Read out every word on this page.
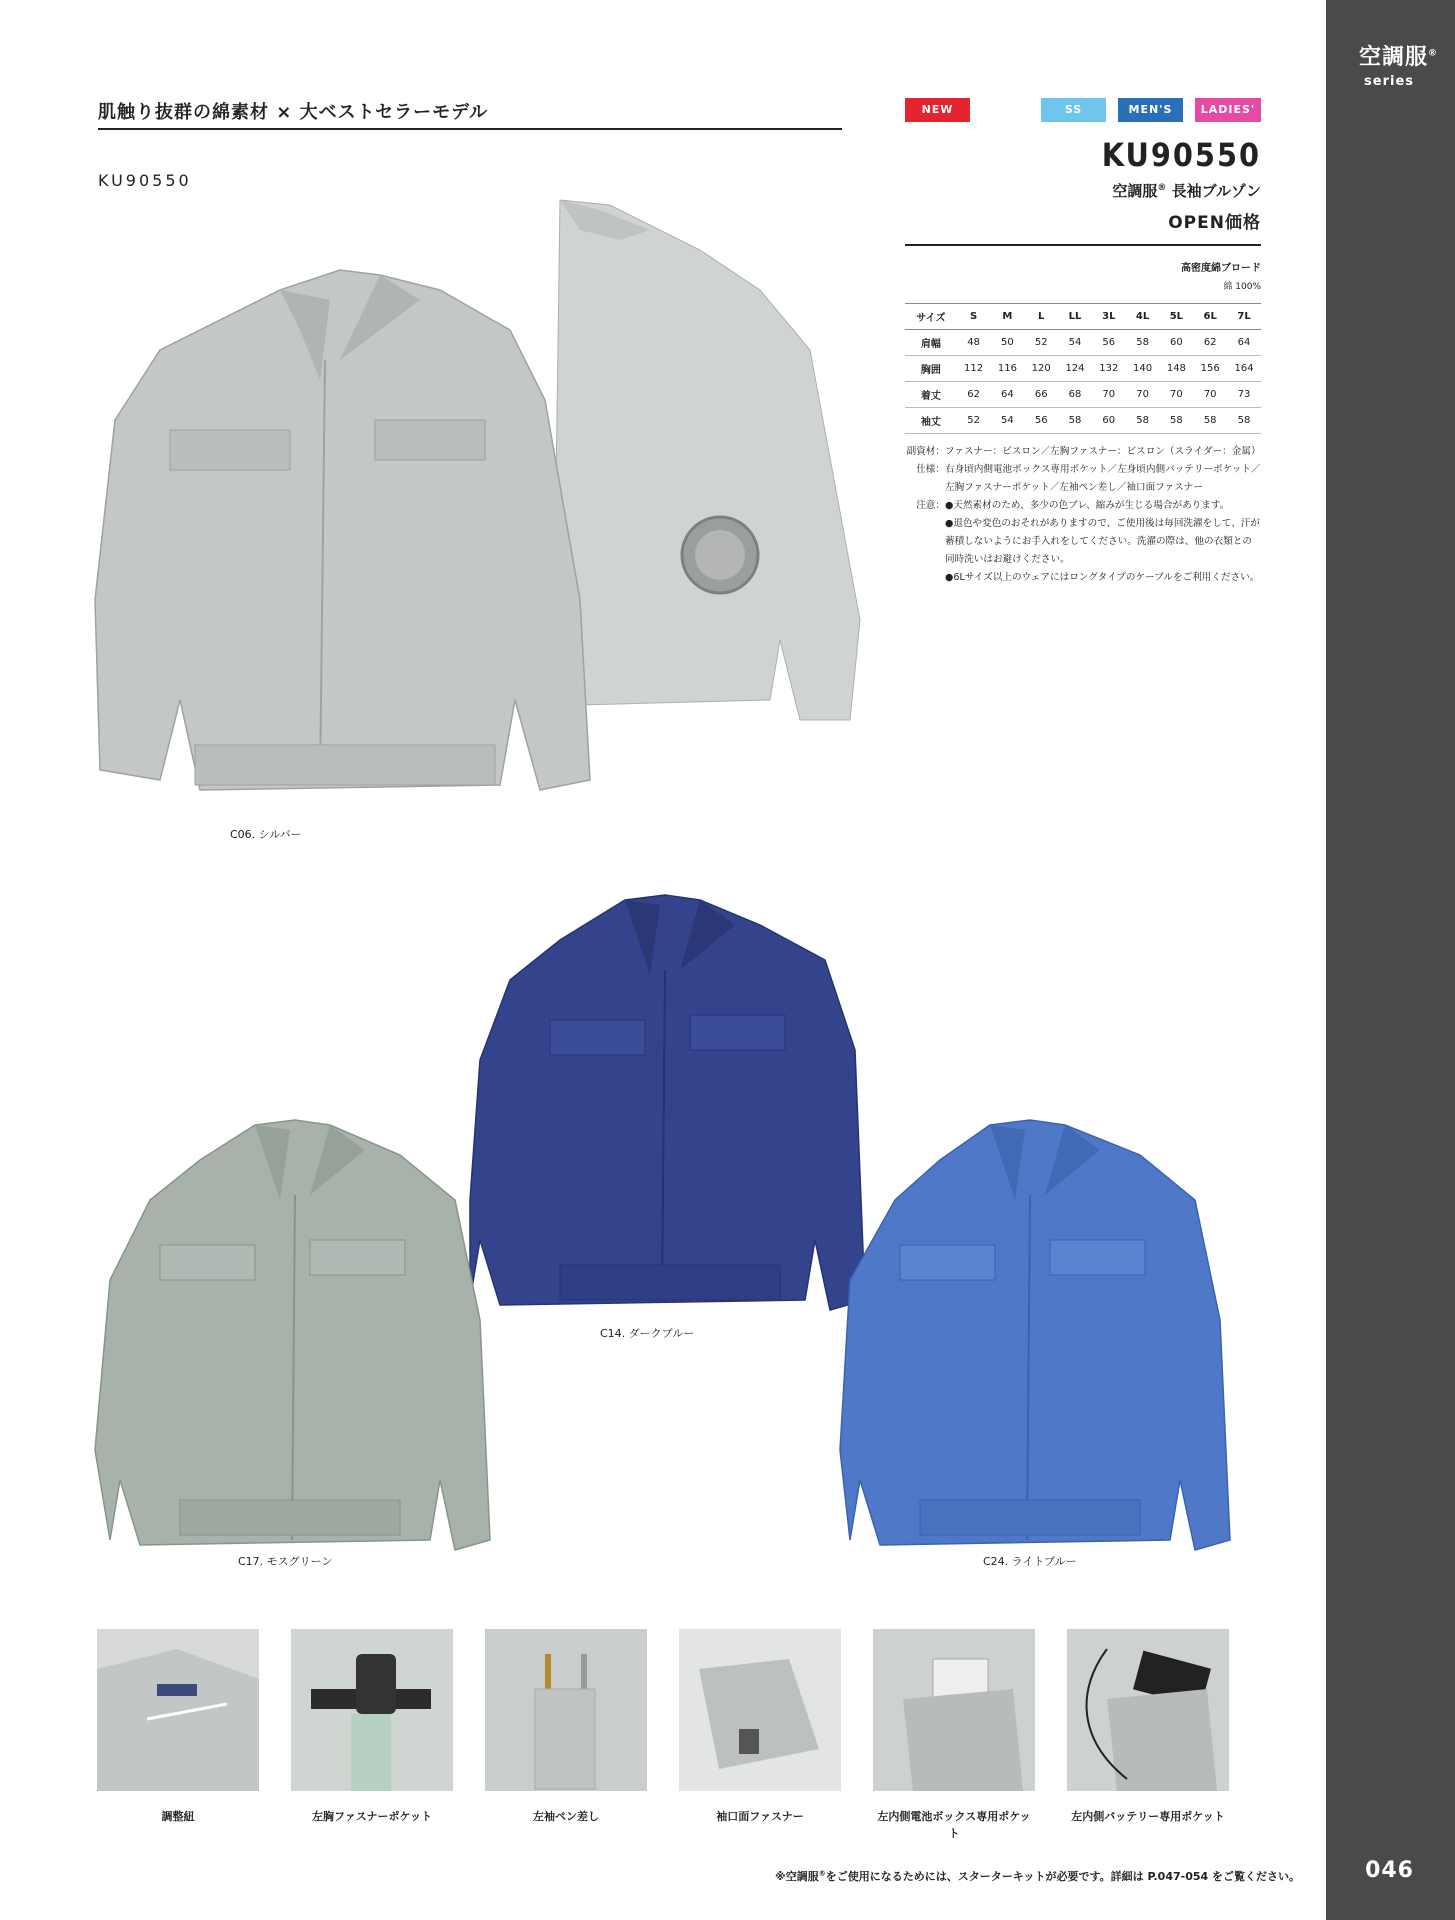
空調服®
series
046
肌触り抜群の綿素材 × 大ベストセラーモデル
KU90550
NEW	SS	MEN'S	LADIES'
KU90550
空調服® 長袖ブルゾン
OPEN価格
高密度綿ブロード
綿 100%
サイズ	S	M	L	LL	3L	4L	5L	6L	7L
肩幅	48	50	52	54	56	58	60	62	64
胸囲	112	116	120	124	132	140	148	156	164
着丈	62	64	66	68	70	70	70	70	73
袖丈	52	54	56	58	60	58	58	58	58
副資材： ファスナー：ビスロン／左胸ファスナー：ビスロン（スライダー：金属）
仕様： 右身頃内側電池ボックス専用ポケット／左身頃内側バッテリーポケット／左胸ファスナーポケット／左袖ペン差し／袖口面ファスナー
注意： ●天然素材のため、多少の色ブレ、縮みが生じる場合があります。
●退色や変色のおそれがありますので、ご使用後は毎回洗濯をして、汗が蓄積しないようにお手入れをしてください。洗濯の際は、他の衣類との同時洗いはお避けください。
●6Lサイズ以上のウェアにはロングタイプのケーブルをご利用ください。
C06. シルバー
C14. ダークブルー
C17. モスグリーン	C24. ライトブルー
調整紐	左胸ファスナーポケット	左袖ペン差し	袖口面ファスナー	左内側電池ボックス専用ポケット
左内側バッテリー専用ポケット
※空調服®をご使用になるためには、スターターキットが必要です。詳細は P.047-054 をご覧ください。
